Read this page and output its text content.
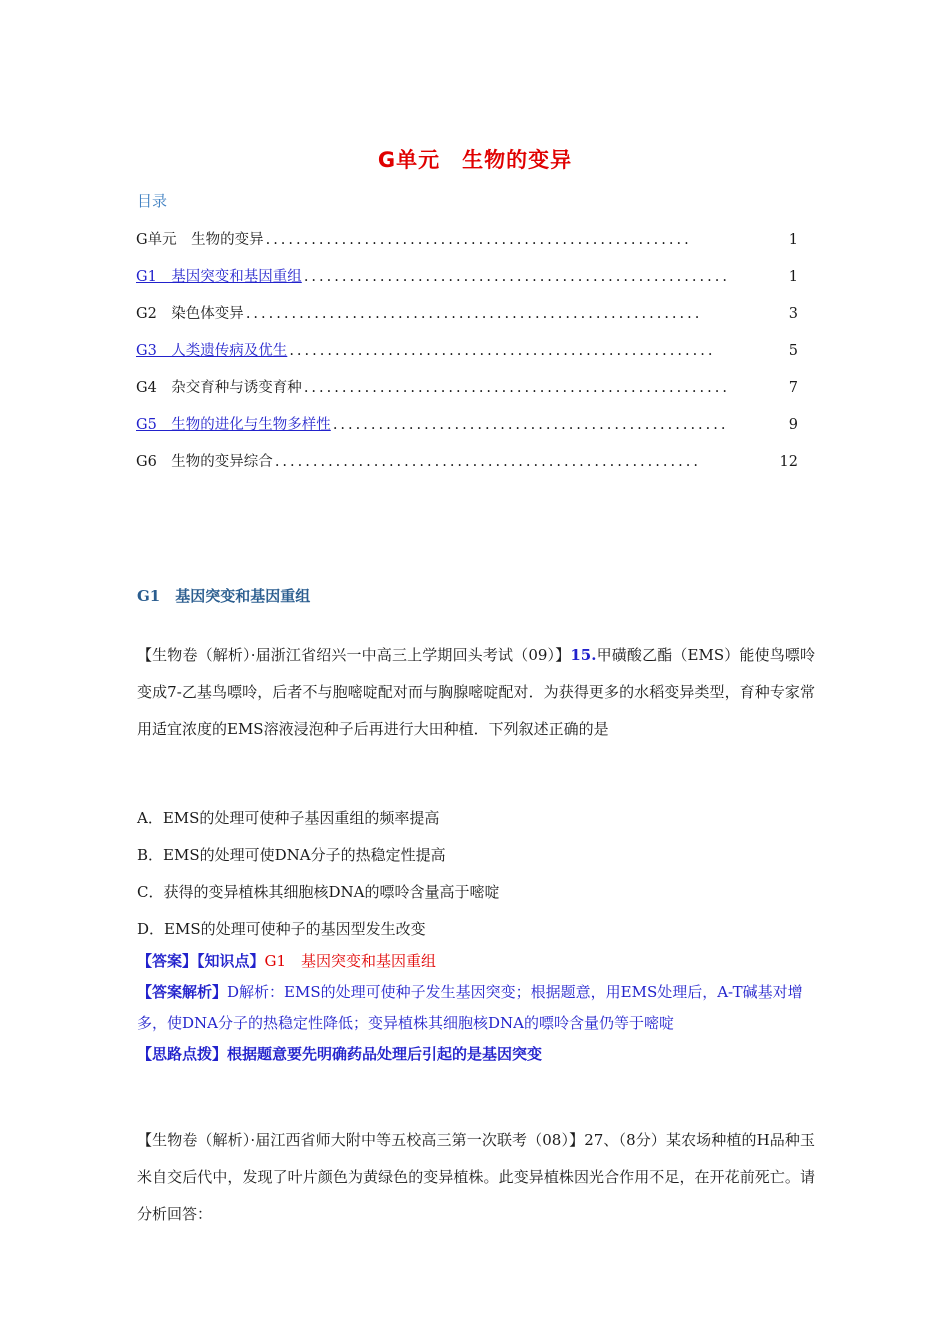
G单元 生物的变异
目录
G单元　生物的变异 ........................................................	1
G1　基因突变和基因重组 ........................................................	1
G2　染色体变异 ............................................................	3
G3　人类遗传病及优生 ........................................................	5
G4　杂交育种与诱变育种 ........................................................	7
G5　生物的进化与生物多样性 ....................................................	9
G6　生物的变异综合 ........................................................	12
G1　基因突变和基因重组
【生物卷（解析）·届浙江省绍兴一中高三上学期回头考试（09）】15.甲磺酸乙酯（EMS）能使鸟嘌呤变成7-乙基鸟嘌呤，后者不与胞嘧啶配对而与胸腺嘧啶配对．为获得更多的水稻变异类型，育种专家常用适宜浓度的EMS溶液浸泡种子后再进行大田种植．下列叙述正确的是
A．EMS的处理可使种子基因重组的频率提高
B．EMS的处理可使DNA分子的热稳定性提高
C．获得的变异植株其细胞核DNA的嘌呤含量高于嘧啶
D．EMS的处理可使种子的基因型发生改变
【答案】【知识点】G1　基因突变和基因重组
【答案解析】D解析：EMS的处理可使种子发生基因突变；根据题意，用EMS处理后，A-T碱基对增多，使DNA分子的热稳定性降低；变异植株其细胞核DNA的嘌呤含量仍等于嘧啶
【思路点拨】根据题意要先明确药品处理后引起的是基因突变
【生物卷（解析）·届江西省师大附中等五校高三第一次联考（08）】27、（8分）某农场种植的H品种玉米自交后代中，发现了叶片颜色为黄绿色的变异植株。此变异植株因光合作用不足，在开花前死亡。请分析回答：
